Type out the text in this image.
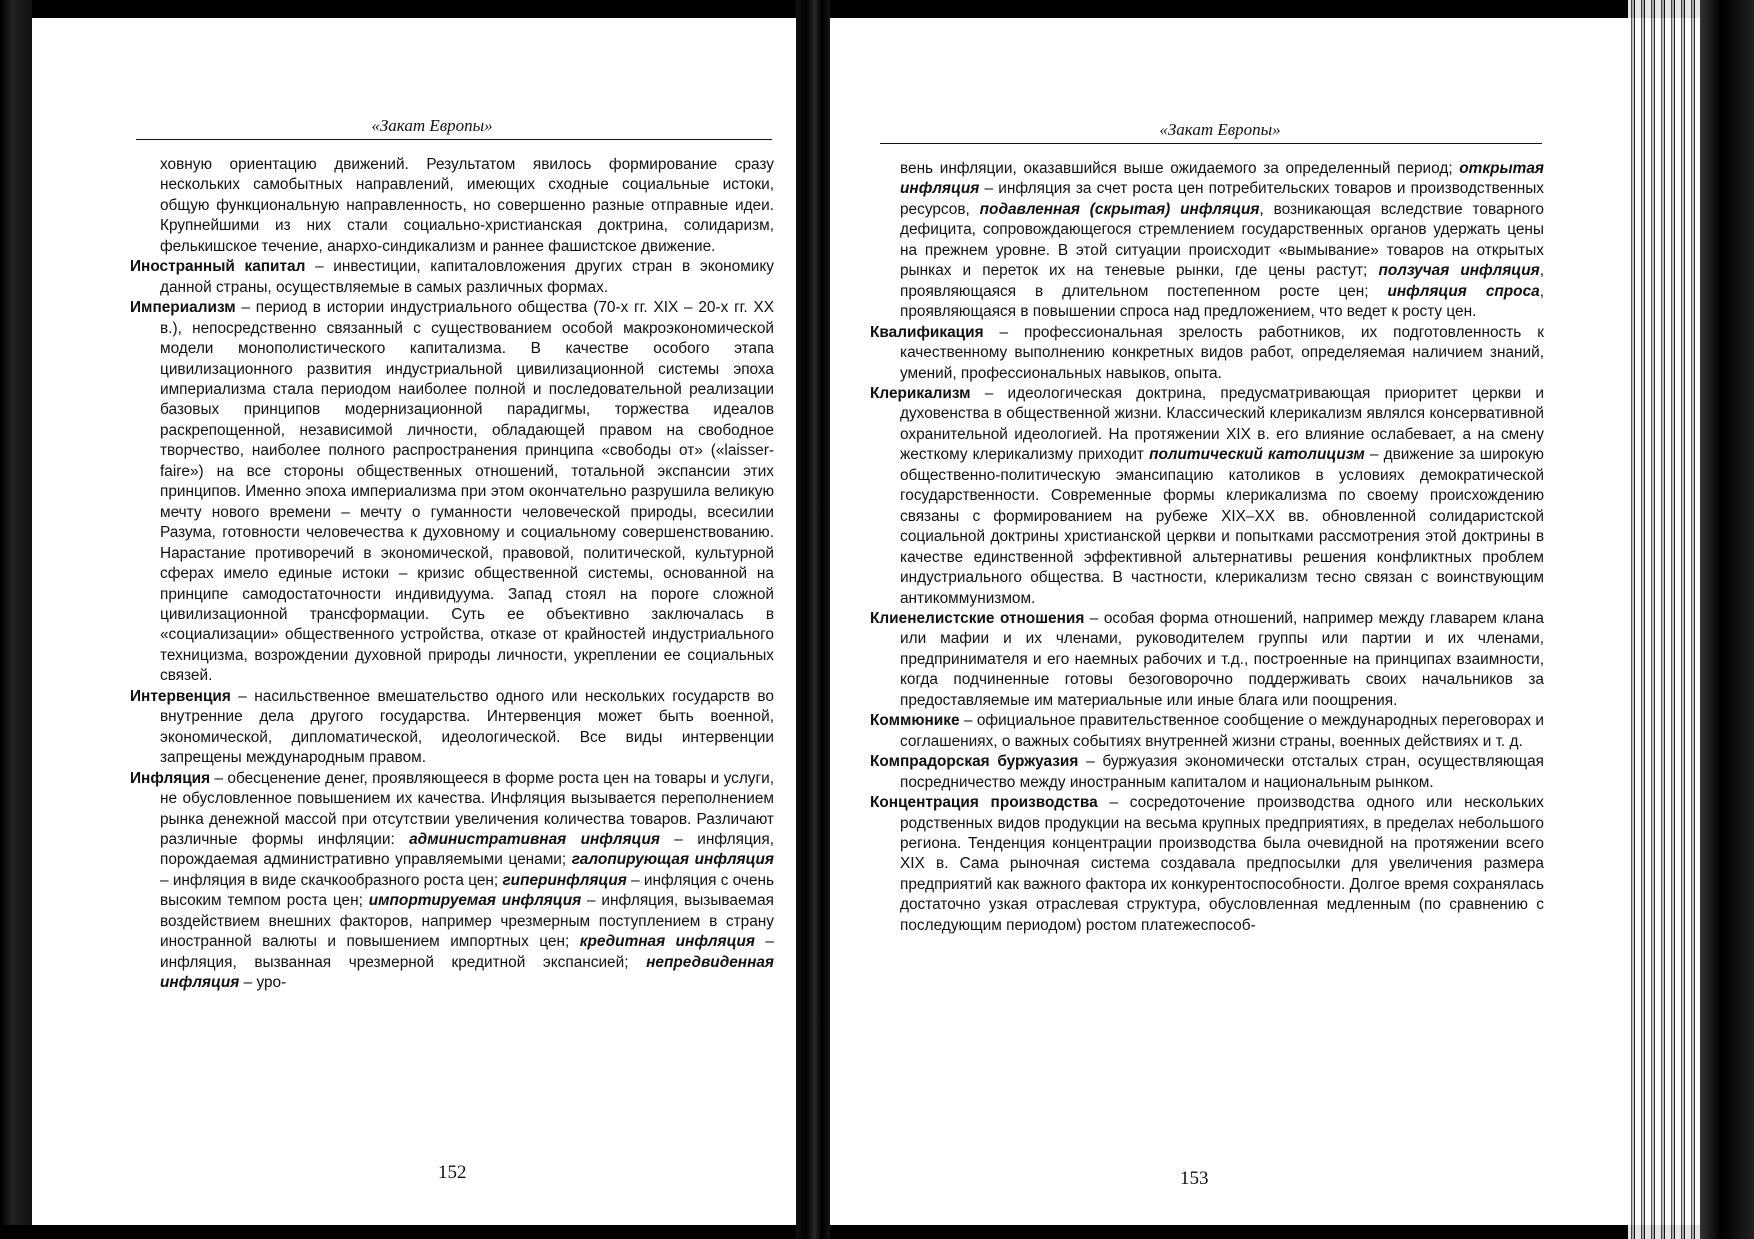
«Закат Европы»

ховную ориентацию движений. Результатом явилось формирование сразу нескольких самобытных направлений, имеющих сходные социальные истоки, общую функциональную направленность, но совершенно разные отправные идеи. Крупнейшими из них стали социально-христианская доктрина, солидаризм, фелькишское течение, анархо-синдикализм и раннее фашистское движение.

Иностранный капитал – инвестиции, капиталовложения других стран в экономику данной страны, осуществляемые в самых различных формах.

Империализм – период в истории индустриального общества (70-х гг. XIX – 20-х гг. XX в.), непосредственно связанный с существованием особой макроэкономической модели монополистического капитализма. В качестве особого этапа цивилизационного развития индустриальной цивилизационной системы эпоха империализма стала периодом наиболее полной и последовательной реализации базовых принципов модернизационной парадигмы, торжества идеалов раскрепощенной, независимой личности, обладающей правом на свободное творчество, наиболее полного распространения принципа «свободы от» («laisser-faire») на все стороны общественных отношений, тотальной экспансии этих принципов. Именно эпоха империализма при этом окончательно разрушила великую мечту нового времени – мечту о гуманности человеческой природы, всесилии Разума, готовности человечества к духовному и социальному совершенствованию. Нарастание противоречий в экономической, правовой, политической, культурной сферах имело единые истоки – кризис общественной системы, основанной на принципе самодостаточности индивидуума. Запад стоял на пороге сложной цивилизационной трансформации. Суть ее объективно заключалась в «социализации» общественного устройства, отказе от крайностей индустриального техницизма, возрождении духовной природы личности, укреплении ее социальных связей.

Интервенция – насильственное вмешательство одного или нескольких государств во внутренние дела другого государства. Интервенция может быть военной, экономической, дипломатической, идеологической. Все виды интервенции запрещены международным правом.

Инфляция – обесценение денег, проявляющееся в форме роста цен на товары и услуги, не обусловленное повышением их качества. Инфляция вызывается переполнением рынка денежной массой при отсутствии увеличения количества товаров. Различают различные формы инфляции: административная инфляция – инфляция, порождаемая административно управляемыми ценами; галопирующая инфляция – инфляция в виде скачкообразного роста цен; гиперинфляция – инфляция с очень высоким темпом роста цен; импортируемая инфляция – инфляция, вызываемая воздействием внешних факторов, например чрезмерным поступлением в страну иностранной валюты и повышением импортных цен; кредитная инфляция – инфляция, вызванная чрезмерной кредитной экспансией; непредвиденная инфляция – уро-

152
«Закат Европы»

вень инфляции, оказавшийся выше ожидаемого за определенный период; открытая инфляция – инфляция за счет роста цен потребительских товаров и производственных ресурсов, подавленная (скрытая) инфляция, возникающая вследствие товарного дефицита, сопровождающегося стремлением государственных органов удержать цены на прежнем уровне. В этой ситуации происходит «вымывание» товаров на открытых рынках и переток их на теневые рынки, где цены растут; ползучая инфляция, проявляющаяся в длительном постепенном росте цен; инфляция спроса, проявляющаяся в повышении спроса над предложением, что ведет к росту цен.

Квалификация – профессиональная зрелость работников, их подготовленность к качественному выполнению конкретных видов работ, определяемая наличием знаний, умений, профессиональных навыков, опыта.

Клерикализм – идеологическая доктрина, предусматривающая приоритет церкви и духовенства в общественной жизни. Классический клерикализм являлся консервативной охранительной идеологией. На протяжении XIX в. его влияние ослабевает, а на смену жесткому клерикализму приходит политический католицизм – движение за широкую общественно-политическую эмансипацию католиков в условиях демократической государственности. Современные формы клерикализма по своему происхождению связаны с формированием на рубеже XIX–XX вв. обновленной солидаристской социальной доктрины христианской церкви и попытками рассмотрения этой доктрины в качестве единственной эффективной альтернативы решения конфликтных проблем индустриального общества. В частности, клерикализм тесно связан с воинствующим антикоммунизмом.

Клиенелистские отношения – особая форма отношений, например между главарем клана или мафии и их членами, руководителем группы или партии и их членами, предпринимателя и его наемных рабочих и т.д., построенные на принципах взаимности, когда подчиненные готовы безоговорочно поддерживать своих начальников за предоставляемые им материальные или иные блага или поощрения.

Коммюнике – официальное правительственное сообщение о международных переговорах и соглашениях, о важных событиях внутренней жизни страны, военных действиях и т. д.

Компрадорская буржуазия – буржуазия экономически отсталых стран, осуществляющая посредничество между иностранным капиталом и национальным рынком.

Концентрация производства – сосредоточение производства одного или нескольких родственных видов продукции на весьма крупных предприятиях, в пределах небольшого региона. Тенденция концентрации производства была очевидной на протяжении всего XIX в. Сама рыночная система создавала предпосылки для увеличения размера предприятий как важного фактора их конкурентоспособности. Долгое время сохранялась достаточно узкая отраслевая структура, обусловленная медленным (по сравнению с последующим периодом) ростом платежеспособ-

153
